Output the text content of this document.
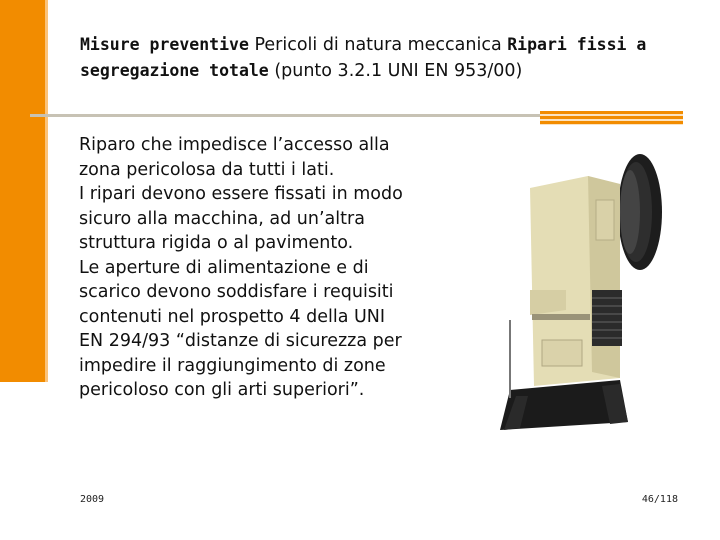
Misure preventive Pericoli di natura meccanica Ripari fissi a segregazione totale (punto 3.2.1 UNI EN 953/00)

Riparo che impedisce l’accesso alla zona pericolosa da tutti i lati.

I ripari devono essere fissati in modo sicuro alla macchina, ad un’altra struttura rigida o al pavimento.

Le aperture di alimentazione e di scarico devono soddisfare i requisiti contenuti nel prospetto 4 della UNI EN 294/93 “distanze di sicurezza per impedire il raggiungimento di zone pericoloso con gli arti superiori”.

2009	46/118
